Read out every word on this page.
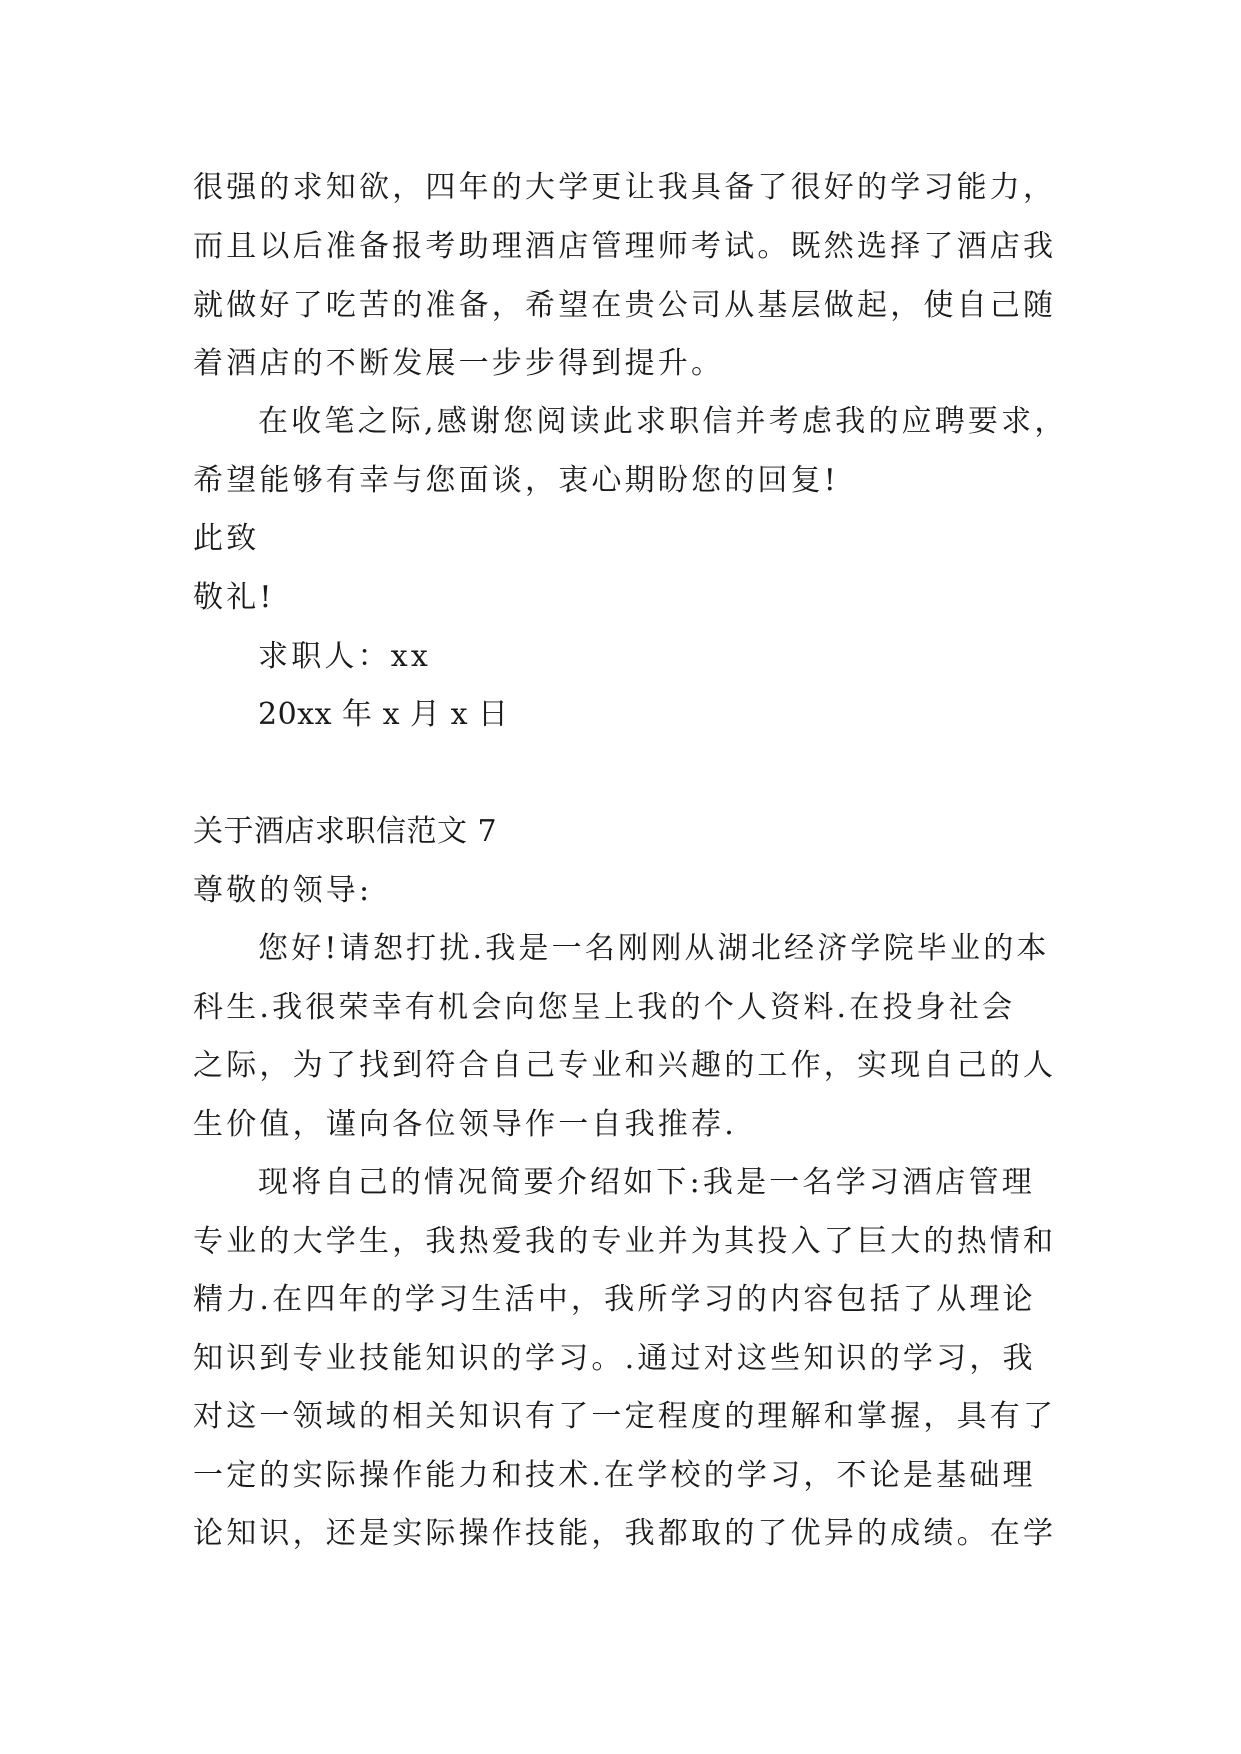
很强的求知欲，四年的大学更让我具备了很好的学习能力，
而且以后准备报考助理酒店管理师考试。既然选择了酒店我
就做好了吃苦的准备，希望在贵公司从基层做起，使自己随
着酒店的不断发展一步步得到提升。
在收笔之际,感谢您阅读此求职信并考虑我的应聘要求，
希望能够有幸与您面谈，衷心期盼您的回复!
此致
敬礼!
求职人：xx
20xx 年 x 月 x 日
关于酒店求职信范文 7
尊敬的领导:
您好!请恕打扰.我是一名刚刚从湖北经济学院毕业的本
科生.我很荣幸有机会向您呈上我的个人资料.在投身社会
之际，为了找到符合自己专业和兴趣的工作，实现自己的人
生价值，谨向各位领导作一自我推荐.
现将自己的情况简要介绍如下:我是一名学习酒店管理
专业的大学生，我热爱我的专业并为其投入了巨大的热情和
精力.在四年的学习生活中，我所学习的内容包括了从理论
知识到专业技能知识的学习。.通过对这些知识的学习，我
对这一领域的相关知识有了一定程度的理解和掌握，具有了
一定的实际操作能力和技术.在学校的学习，不论是基础理
论知识，还是实际操作技能，我都取的了优异的成绩。在学
